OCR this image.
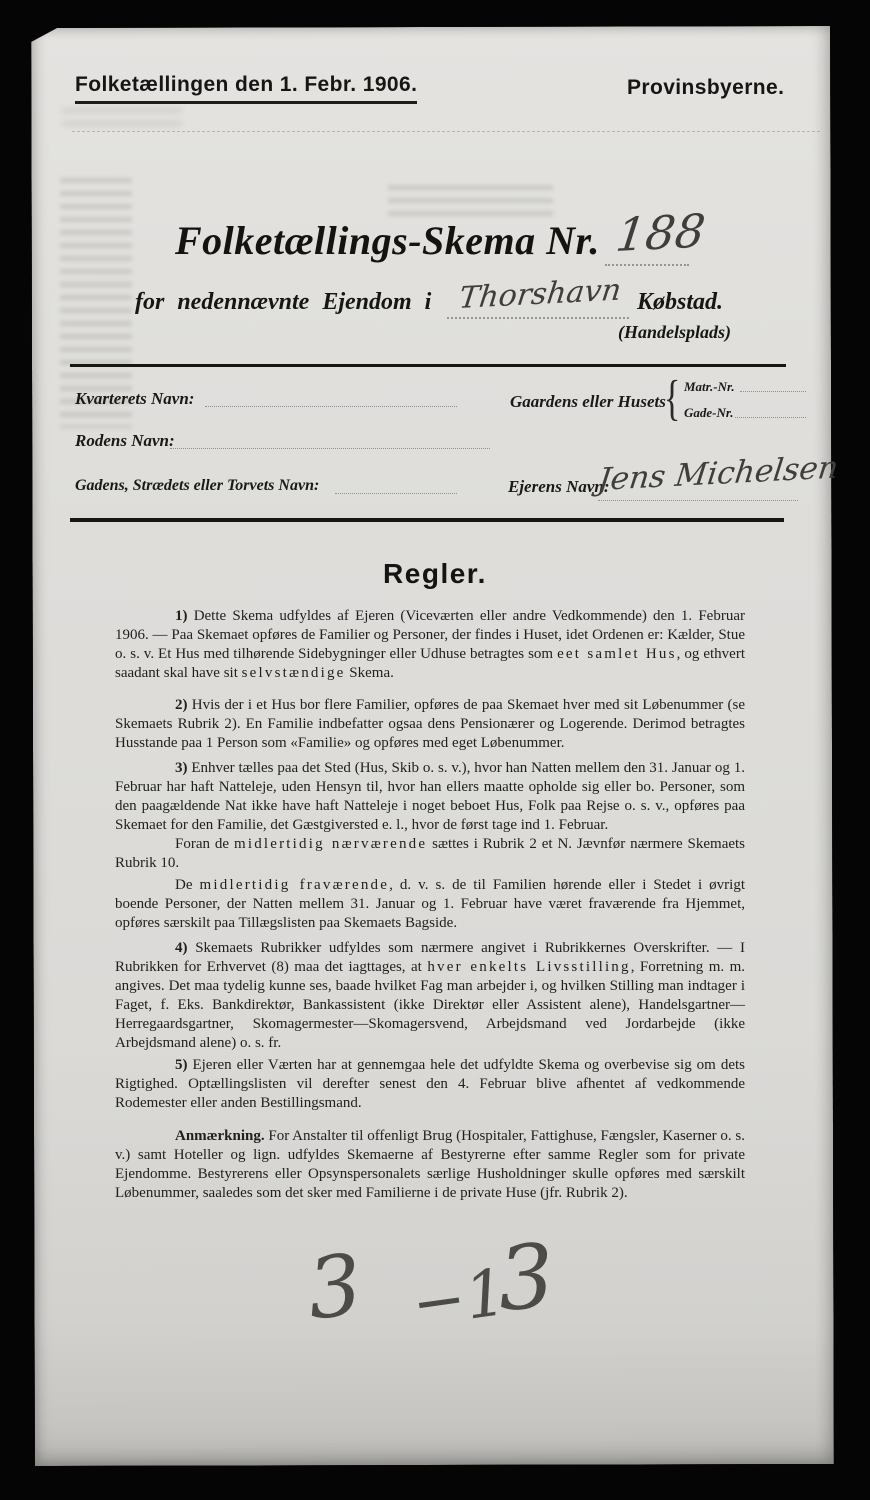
Folketællingen den 1. Febr. 1906.	Provinsbyerne.
Folketællings-Skema Nr. 188
for nedennævnte Ejendom i Thorshavn Købstad.
(Handelsplads)
Kvarterets Navn:	Gaardens eller Husets
{ Matr.-Nr.
Gade-Nr.
Rodens Navn:
Gadens, Strædets eller Torvets Navn:	Ejerens Navn:
Jens Michelsen
Regler.

1) Dette Skema udfyldes af Ejeren (Viceværten eller andre Vedkommende) den 1. Februar 1906. — Paa Skemaet opføres de Familier og Personer, der findes i Huset, idet Ordenen er: Kælder, Stue o. s. v. Et Hus med tilhørende Sidebygninger eller Udhuse betragtes som eet samlet Hus, og ethvert saadant skal have sit selvstændige Skema.

2) Hvis der i et Hus bor flere Familier, opføres de paa Skemaet hver med sit Løbenummer (se Skemaets Rubrik 2). En Familie indbefatter ogsaa dens Pensionærer og Logerende. Derimod betragtes Husstande paa 1 Person som «Familie» og opføres med eget Løbenummer.

3) Enhver tælles paa det Sted (Hus, Skib o. s. v.), hvor han Natten mellem den 31. Januar og 1. Februar har haft Natteleje, uden Hensyn til, hvor han ellers maatte opholde sig eller bo. Personer, som den paagældende Nat ikke have haft Natteleje i noget beboet Hus, Folk paa Rejse o. s. v., opføres paa Skemaet for den Familie, det Gæstgiversted e. l., hvor de først tage ind 1. Februar.

Foran de midlertidig nærværende sættes i Rubrik 2 et N. Jævnfør nærmere Skemaets Rubrik 10.

De midlertidig fraværende, d. v. s. de til Familien hørende eller i Stedet i øvrigt boende Personer, der Natten mellem 31. Januar og 1. Februar have været fraværende fra Hjemmet, opføres særskilt paa Tillægslisten paa Skemaets Bagside.

4) Skemaets Rubrikker udfyldes som nærmere angivet i Rubrikkernes Overskrifter. — I Rubrikken for Erhvervet (8) maa det iagttages, at hver enkelts Livsstilling, Forretning m. m. angives. Det maa tydelig kunne ses, baade hvilket Fag man arbejder i, og hvilken Stilling man indtager i Faget, f. Eks. Bankdirektør, Bankassistent (ikke Direktør eller Assistent alene), Handelsgartner—Herregaardsgartner, Skomagermester—Skomagersvend, Arbejdsmand ved Jordarbejde (ikke Arbejdsmand alene) o. s. fr.

5) Ejeren eller Værten har at gennemgaa hele det udfyldte Skema og overbevise sig om dets Rigtighed. Optællingslisten vil derefter senest den 4. Februar blive afhentet af vedkommende Rodemester eller anden Bestillingsmand.

Anmærkning. For Anstalter til offenligt Brug (Hospitaler, Fattighuse, Fængsler, Kaserner o. s. v.) samt Hoteller og lign. udfyldes Skemaerne af Bestyrerne efter samme Regler som for private Ejendomme. Bestyrerens eller Opsynspersonalets særlige Husholdninger skulle opføres med særskilt Løbenummer, saaledes som det sker med Familierne i de private Huse (jfr. Rubrik 2).

3 −1
3
